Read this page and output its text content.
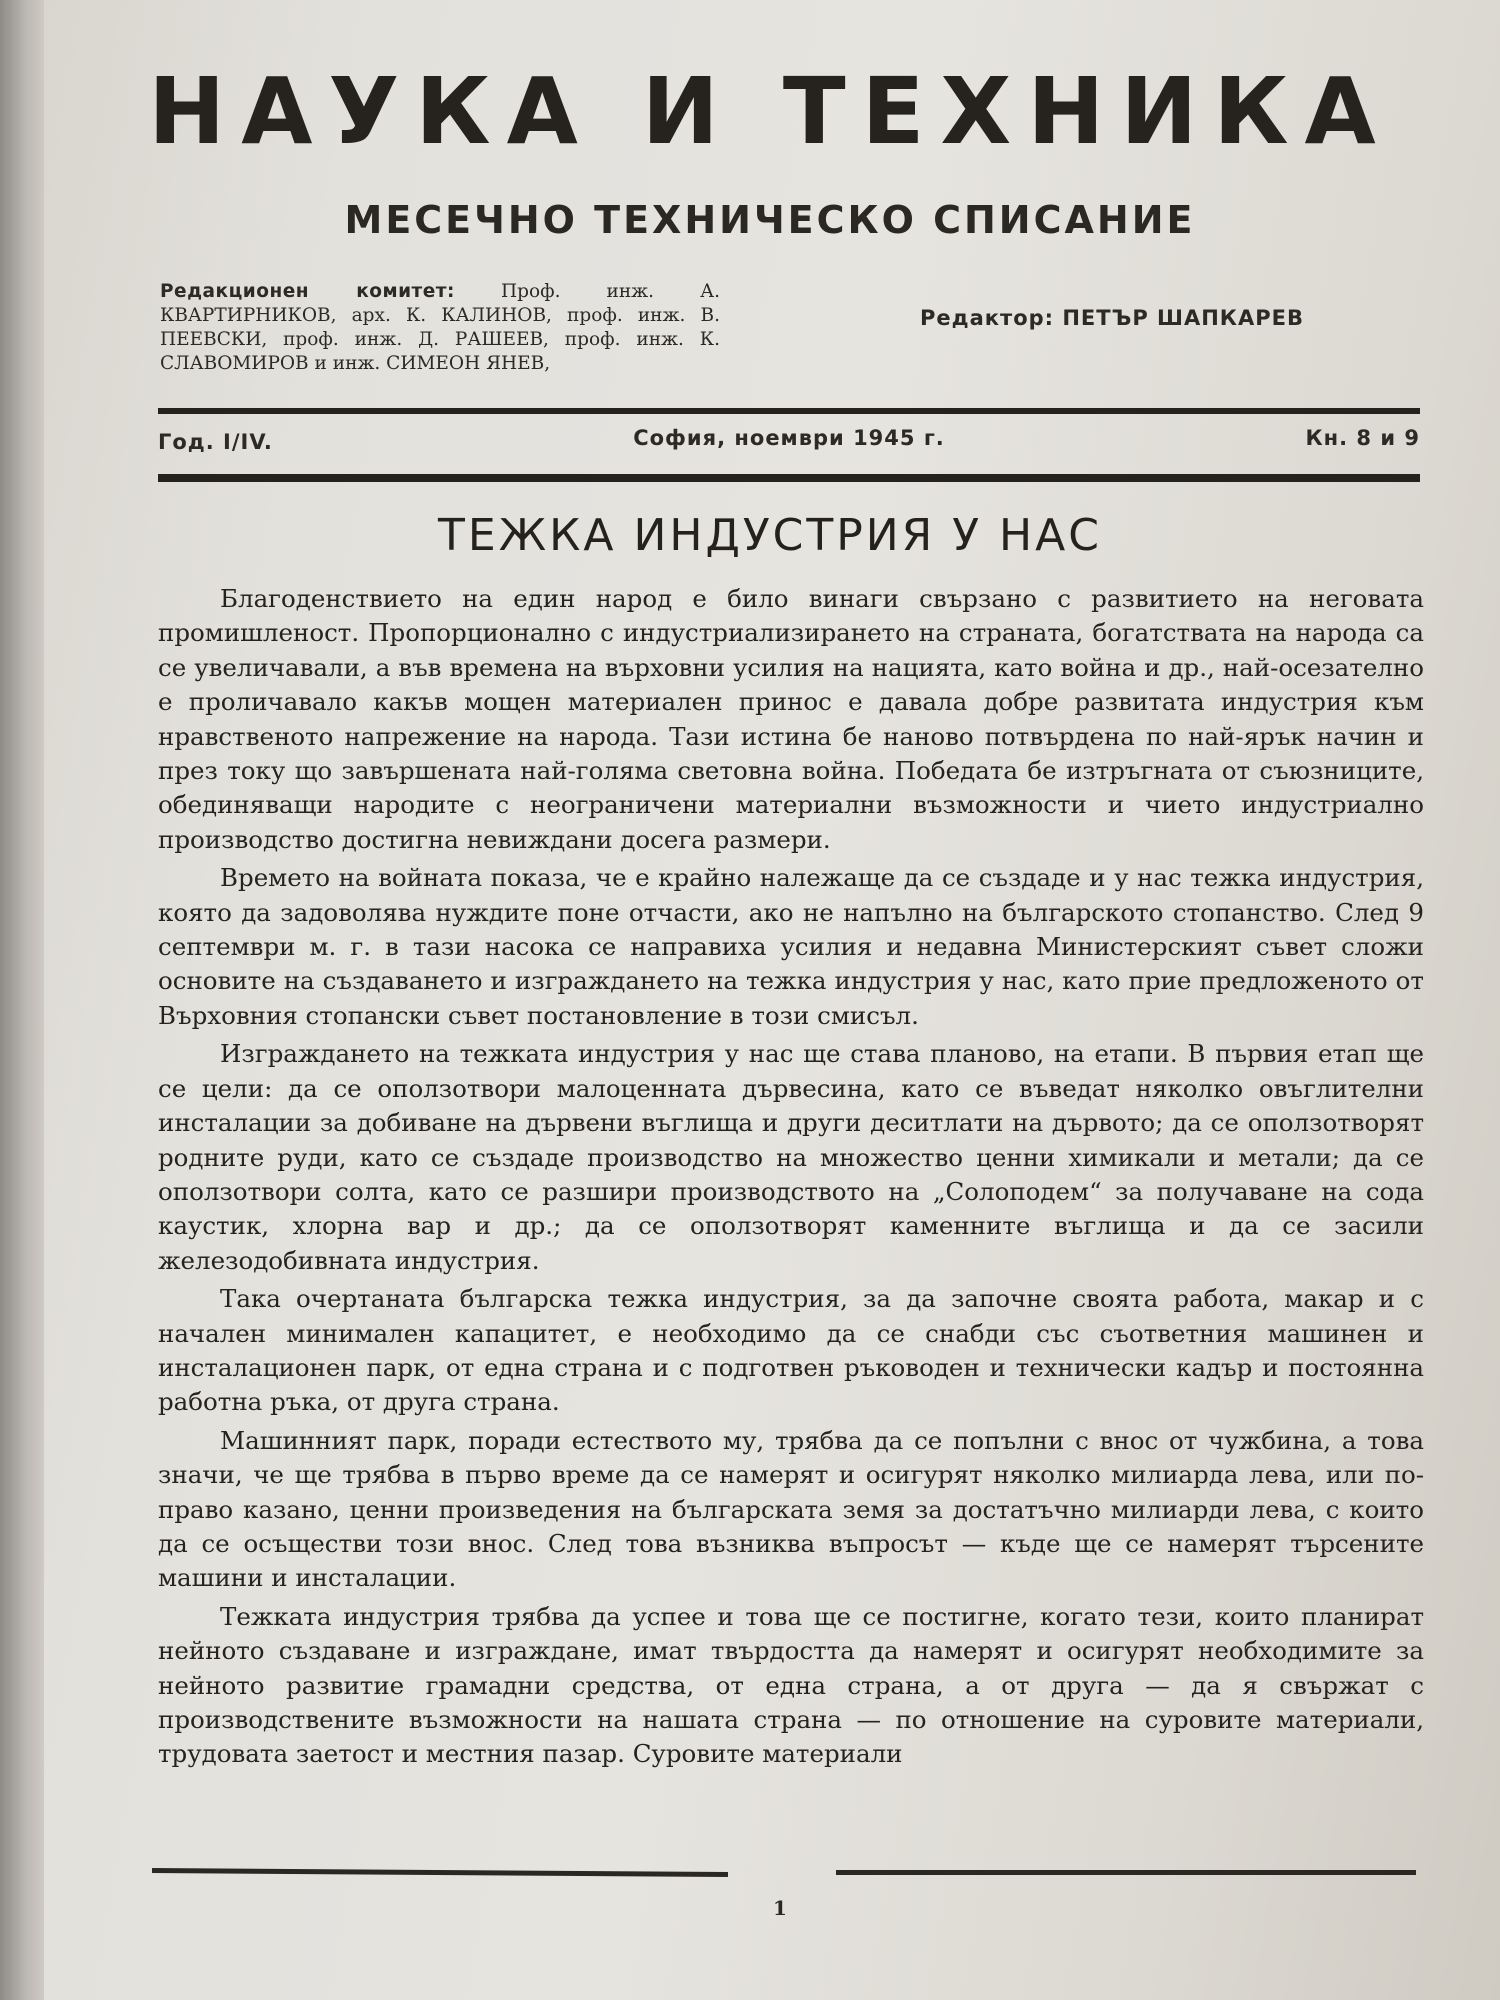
НАУКА И ТЕХНИКА
МЕСЕЧНО ТЕХНИЧЕСКО СПИСАНИЕ
Редакционен комитет: Проф. инж. А. КВАРТИРНИКОВ, арх. К. КАЛИНОВ, проф. инж. В. ПЕЕВСКИ, проф. инж. Д. РАШЕЕВ, проф. инж. К. СЛАВОМИРОВ и инж. СИМЕОН ЯНЕВ,
Редактор: ПЕТЪР ШАПКАРЕВ
Год. I/IV.	София, ноември 1945 г.	Кн. 8 и 9
ТЕЖКА ИНДУСТРИЯ У НАС

Благоденствието на един народ е било винаги свързано с развитието на неговата промишленост. Пропорционално с индустриализирането на страната, богатствата на народа са се увеличавали, а във времена на върховни усилия на нацията, като война и др., най-осезателно е проличавало какъв мощен материален принос е давала добре развитата индустрия към нравственото напрежение на народа. Тази истина бе наново потвърдена по най-ярък начин и през току що завършената най-голяма световна война. Победата бе изтръгната от съюзниците, обединяващи народите с неограничени материални възможности и чието индустриално производство достигна невиждани досега размери.

Времето на войната показа, че е крайно належаще да се създаде и у нас тежка индустрия, която да задоволява нуждите поне отчасти, ако не напълно на българското стопанство. След 9 септември м. г. в тази насока се направиха усилия и недавна Министерският съвет сложи основите на създаването и изграждането на тежка индустрия у нас, като прие предложеното от Върховния стопански съвет постановление в този смисъл.

Изграждането на тежката индустрия у нас ще става планово, на етапи. В първия етап ще се цели: да се оползотвори малоценната дървесина, като се въведат няколко овъглителни инсталации за добиване на дървени въглища и други деситлати на дървото; да се оползотворят родните руди, като се създаде производство на множество ценни химикали и метали; да се оползотвори солта, като се разшири производството на „Солоподем“ за получаване на сода каустик, хлорна вар и др.; да се оползотворят каменните въглища и да се засили железодобивната индустрия.

Така очертаната българска тежка индустрия, за да започне своята работа, макар и с начален минимален капацитет, е необходимо да се снабди със съответния машинен и инсталационен парк, от една страна и с подготвен ръководен и технически кадър и постоянна работна ръка, от друга страна.

Машинният парк, поради естеството му, трябва да се попълни с внос от чужбина, а това значи, че ще трябва в първо време да се намерят и осигурят няколко милиарда лева, или по-право казано, ценни произведения на българската земя за достатъчно милиарди лева, с които да се осъществи този внос. След това възниква въпросът — къде ще се намерят търсените машини и инсталации.

Тежката индустрия трябва да успее и това ще се постигне, когато тези, които планират нейното създаване и изграждане, имат твърдостта да намерят и осигурят необходимите за нейното развитие грамадни средства, от една страна, а от друга — да я свържат с производствените възможности на нашата страна — по отношение на суровите материали, трудовата заетост и местния пазар. Суровите материали

1
